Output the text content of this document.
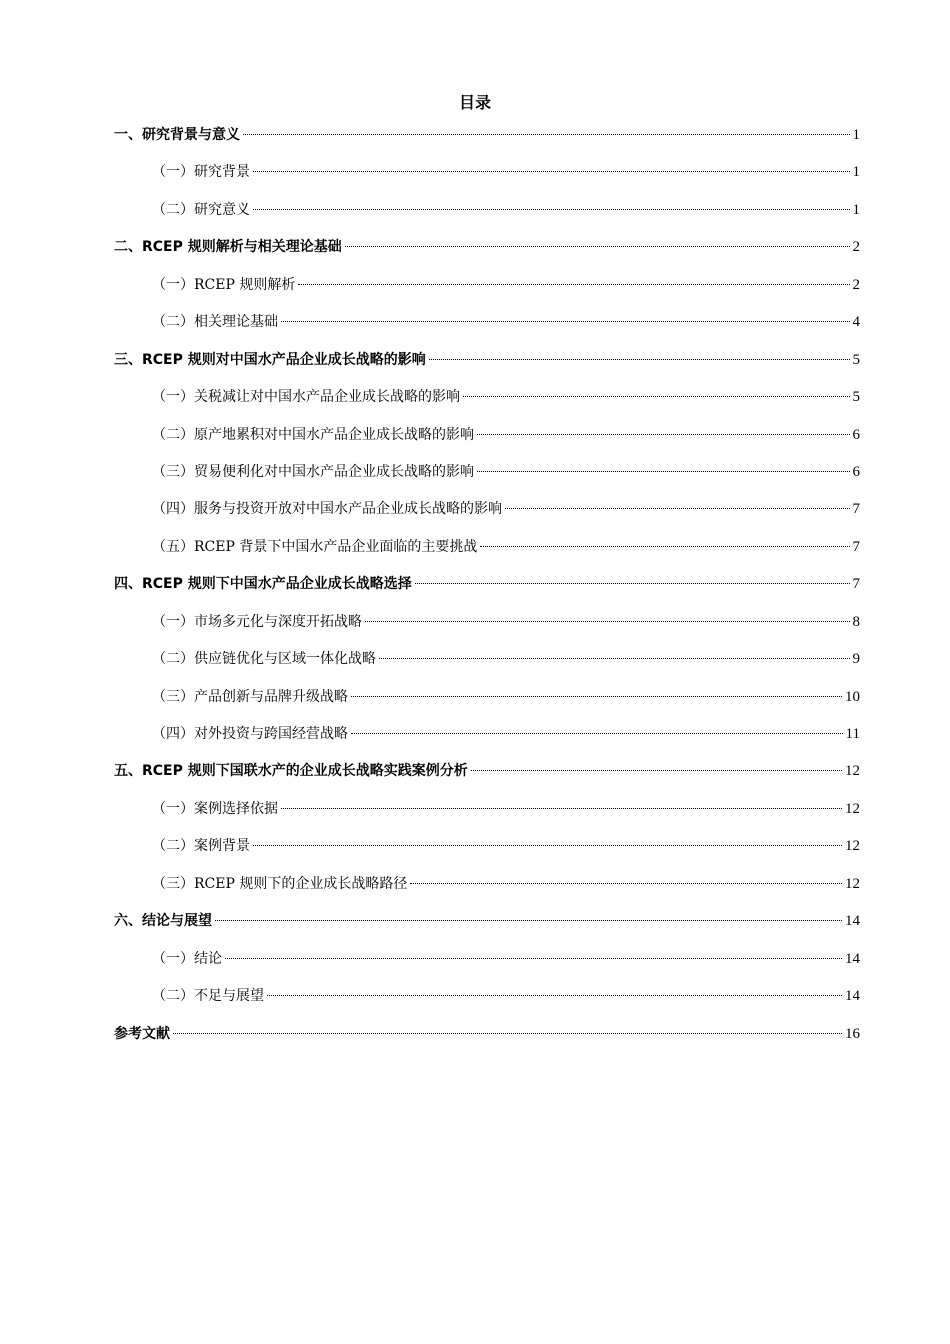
目录
一、研究背景与意义	1
（一）研究背景	1
（二）研究意义	1
二、RCEP 规则解析与相关理论基础	2
（一）RCEP 规则解析	2
（二）相关理论基础	4
三、RCEP 规则对中国水产品企业成长战略的影响	5
（一）关税减让对中国水产品企业成长战略的影响	5
（二）原产地累积对中国水产品企业成长战略的影响	6
（三）贸易便利化对中国水产品企业成长战略的影响	6
（四）服务与投资开放对中国水产品企业成长战略的影响	7
（五）RCEP 背景下中国水产品企业面临的主要挑战	7
四、RCEP 规则下中国水产品企业成长战略选择	7
（一）市场多元化与深度开拓战略	8
（二）供应链优化与区域一体化战略	9
（三）产品创新与品牌升级战略	10
（四）对外投资与跨国经营战略	11
五、RCEP 规则下国联水产的企业成长战略实践案例分析	12
（一）案例选择依据	12
（二）案例背景	12
（三）RCEP 规则下的企业成长战略路径	12
六、结论与展望	14
（一）结论	14
（二）不足与展望	14
参考文献	16
